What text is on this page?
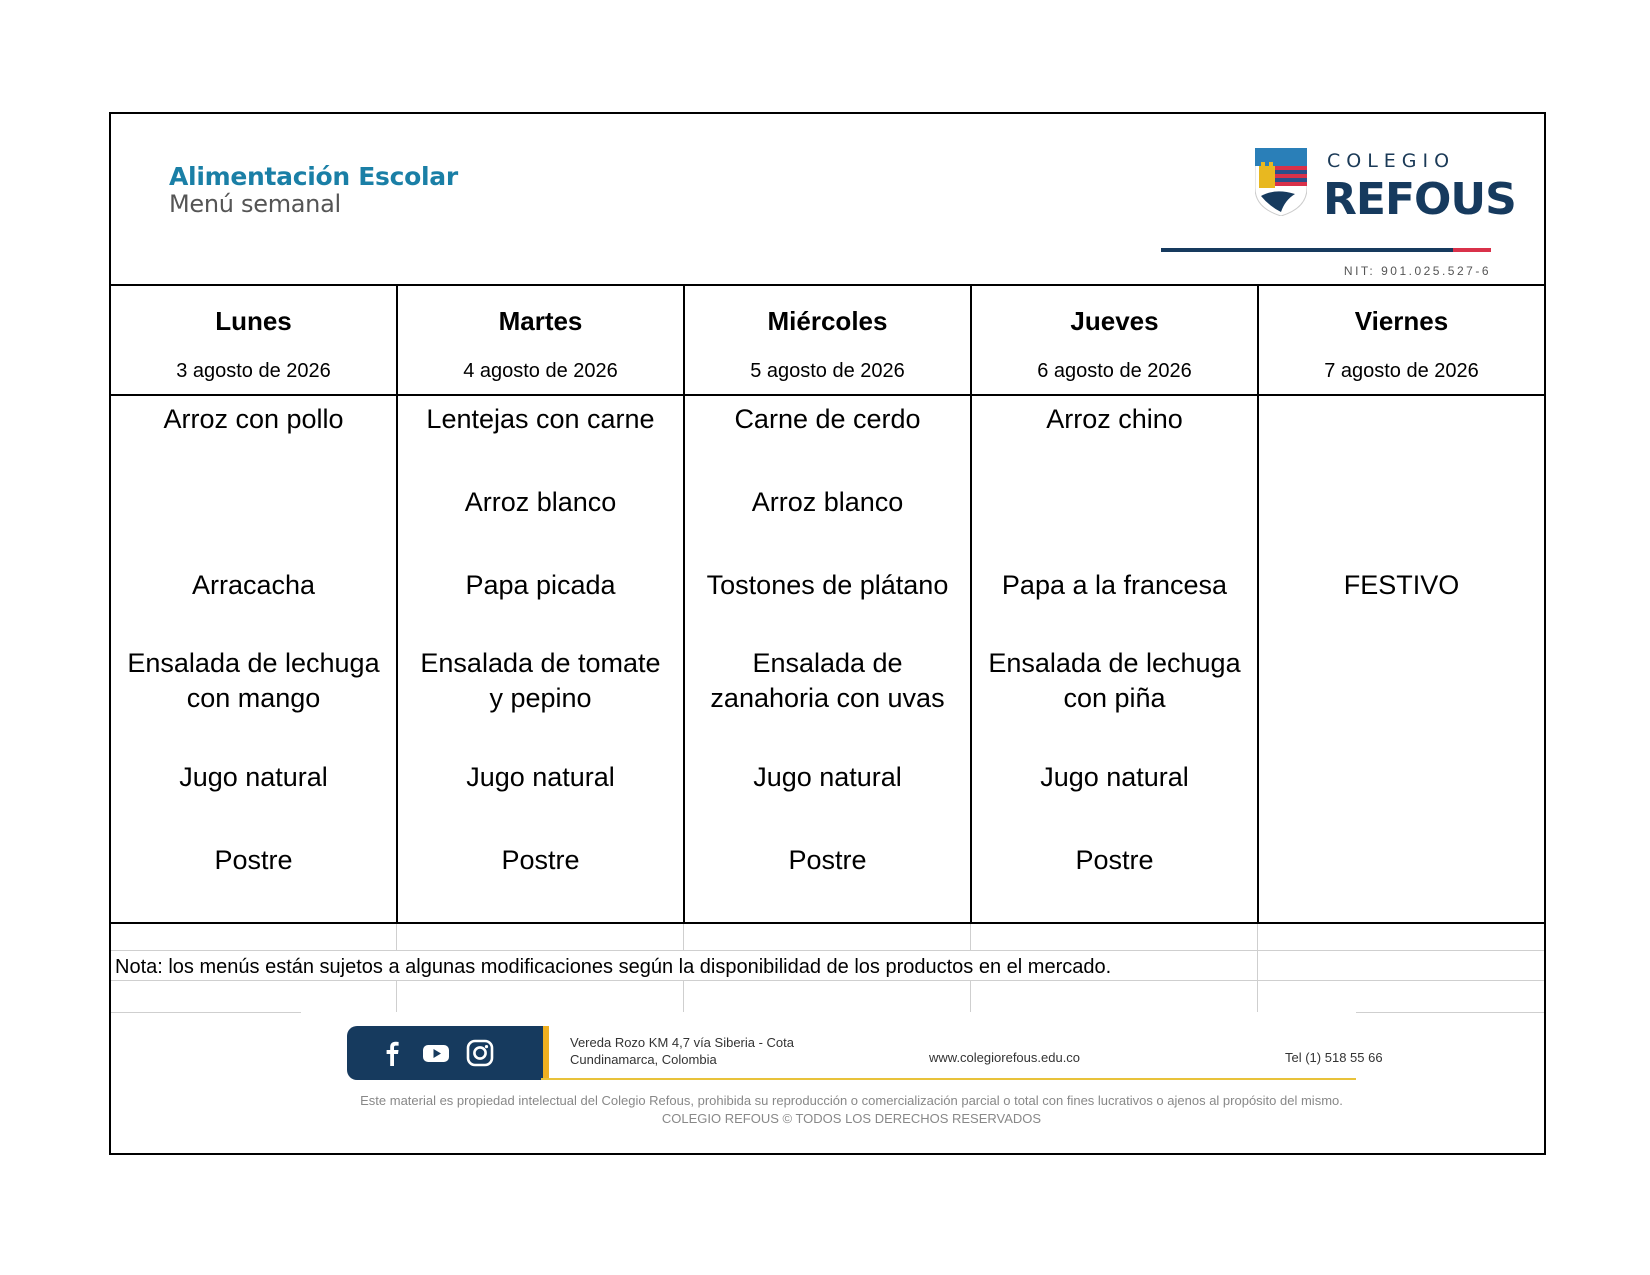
Alimentación Escolar
Menú semanal
COLEGIO
REFOUS
NIT: 901.025.527-6
Lunes
3 agosto de 2026
Martes
4 agosto de 2026
Miércoles
5 agosto de 2026
Jueves
6 agosto de 2026
Viernes
7 agosto de 2026
Arroz con pollo
Arracacha
Ensalada de lechuga
con mango
Jugo natural
Postre
Lentejas con carne
Arroz blanco
Papa picada
Ensalada de tomate
y pepino
Jugo natural
Postre
Carne de cerdo
Arroz blanco
Tostones de plátano
Ensalada de
zanahoria con uvas
Jugo natural
Postre
Arroz chino
Papa a la francesa
Ensalada de lechuga
con piña
Jugo natural
Postre
FESTIVO
Nota: los menús están sujetos a algunas modificaciones según la disponibilidad de los productos en el mercado.
Vereda Rozo KM 4,7 vía Siberia - Cota
Cundinamarca, Colombia	www.colegiorefous.edu.co	Tel (1) 518 55 66
Este material es propiedad intelectual del Colegio Refous, prohibida su reproducción o comercialización parcial o total con fines lucrativos o ajenos al propósito del mismo.
COLEGIO REFOUS © TODOS LOS DERECHOS RESERVADOS
